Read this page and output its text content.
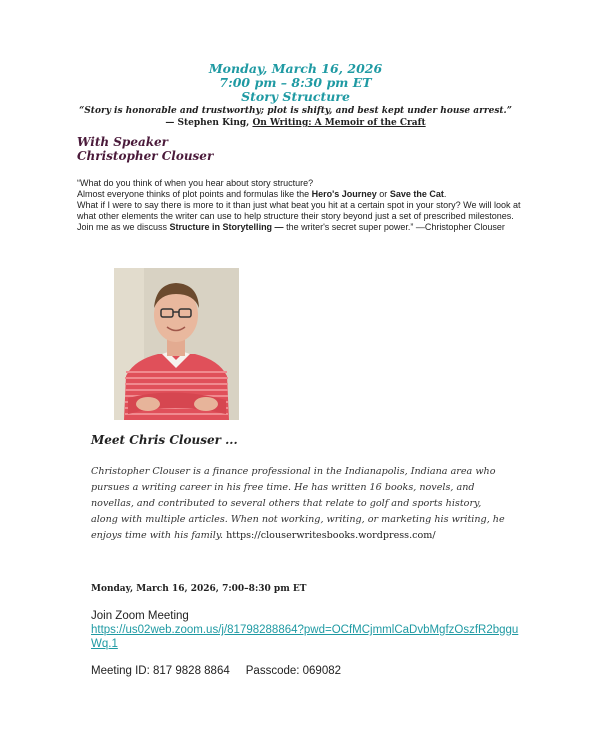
Monday, March 16, 2026
7:00 pm – 8:30 pm ET
Story Structure
“Story is honorable and trustworthy; plot is shifty, and best kept under house arrest.”
— Stephen King, On Writing: A Memoir of the Craft
With Speaker
Christopher Clouser
“What do you think of when you hear about story structure?
Almost everyone thinks of plot points and formulas like the Hero's Journey or Save the Cat.
What if I were to say there is more to it than just what beat you hit at a certain spot in your story? We will look at what other elements the writer can use to help structure their story beyond just a set of prescribed milestones. Join me as we discuss Structure in Storytelling — the writer's secret super power.” —Christopher Clouser
Meet Chris Clouser ...
Christopher Clouser is a finance professional in the Indianapolis, Indiana area who pursues a writing career in his free time. He has written 16 books, novels, and novellas, and contributed to several others that relate to golf and sports history, along with multiple articles. When not working, writing, or marketing his writing, he enjoys time with his family. https://clouserwritesbooks.wordpress.com/
Monday, March 16, 2026, 7:00–8:30 pm ET
Join Zoom Meeting
https://us02web.zoom.us/j/81798288864?pwd=OCfMCjmmlCaDvbMgfzOszfR2bgguWq.1
Meeting ID: 817 9828 8864 Passcode: 069082
